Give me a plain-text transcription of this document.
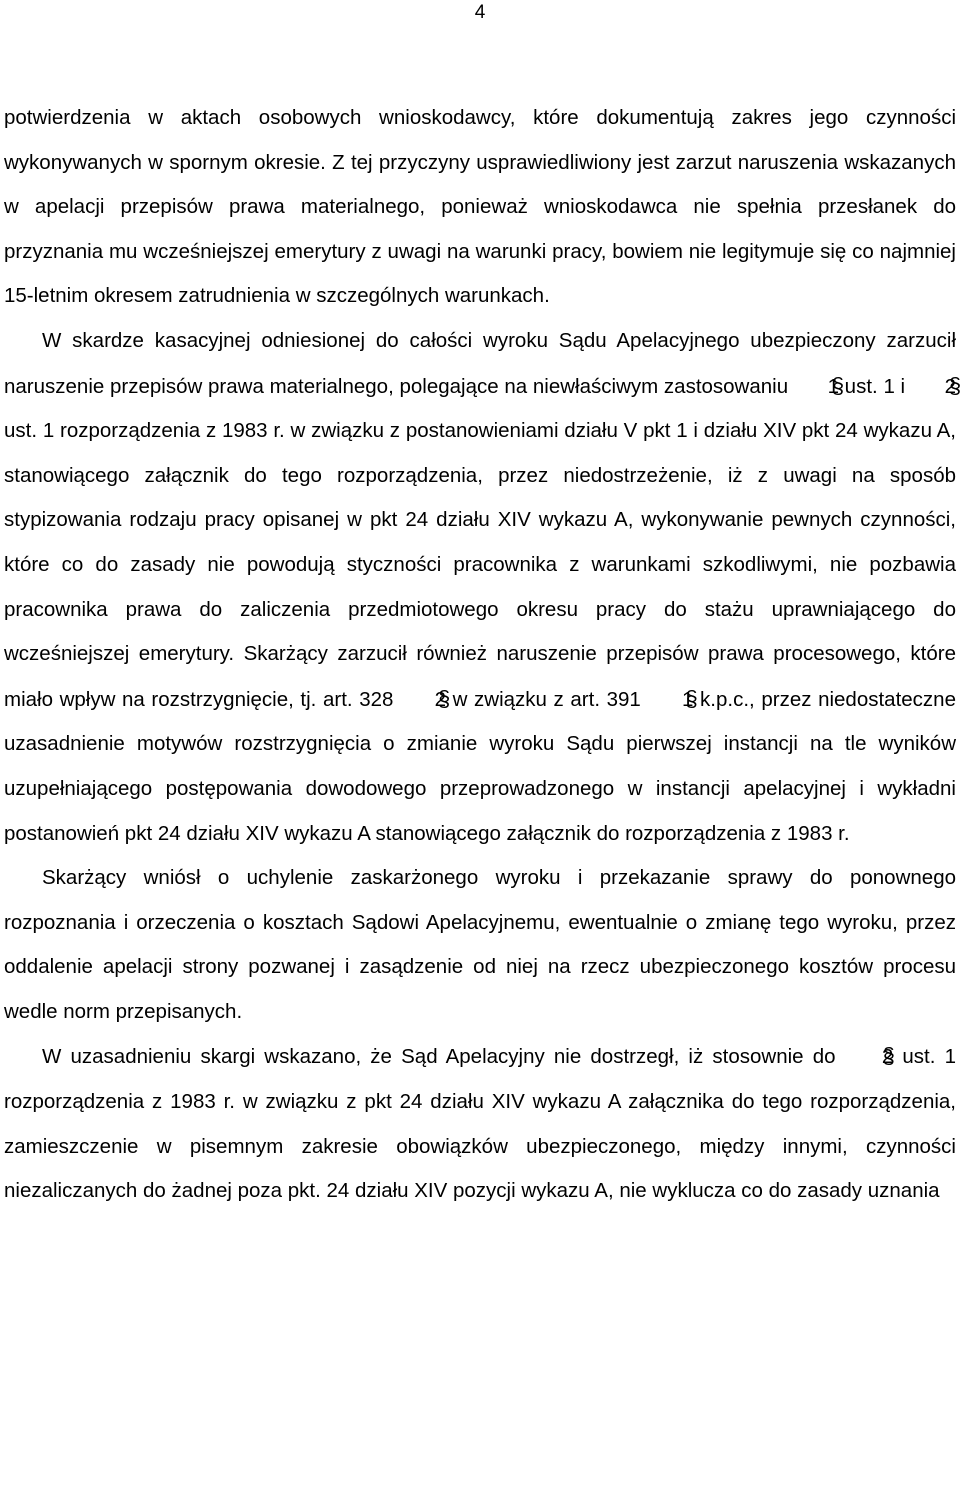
4

potwierdzenia w aktach osobowych wnioskodawcy, które dokumentują zakres jego czynności wykonywanych w spornym okresie. Z tej przyczyny usprawiedliwiony jest zarzut naruszenia wskazanych w apelacji przepisów prawa materialnego, ponieważ wnioskodawca nie spełnia przesłanek do przyznania mu wcześniejszej emerytury z uwagi na warunki pracy, bowiem nie legitymuje się co najmniej 15-letnim okresem zatrudnienia w szczególnych warunkach.

W skardze kasacyjnej odniesionej do całości wyroku Sądu Apelacyjnego ubezpieczony zarzucił naruszenie przepisów prawa materialnego, polegające na niewłaściwym zastosowaniu § 1 ust. 1 i § 2 ust. 1 rozporządzenia z 1983 r. w związku z postanowieniami działu V pkt 1 i działu XIV pkt 24 wykazu A, stanowiącego załącznik do tego rozporządzenia, przez niedostrzeżenie, iż z uwagi na sposób stypizowania rodzaju pracy opisanej w pkt 24 działu XIV wykazu A, wykonywanie pewnych czynności, które co do zasady nie powodują styczności pracownika z warunkami szkodliwymi, nie pozbawia pracownika prawa do zaliczenia przedmiotowego okresu pracy do stażu uprawniającego do wcześniejszej emerytury. Skarżący zarzucił również naruszenie przepisów prawa procesowego, które miało wpływ na rozstrzygnięcie, tj. art. 328 § 2 w związku z art. 391 § 1 k.p.c., przez niedostateczne uzasadnienie motywów rozstrzygnięcia o zmianie wyroku Sądu pierwszej instancji na tle wyników uzupełniającego postępowania dowodowego przeprowadzonego w instancji apelacyjnej i wykładni postanowień pkt 24 działu XIV wykazu A stanowiącego załącznik do rozporządzenia z 1983 r.

Skarżący wniósł o uchylenie zaskarżonego wyroku i przekazanie sprawy do ponownego rozpoznania i orzeczenia o kosztach Sądowi Apelacyjnemu, ewentualnie o zmianę tego wyroku, przez oddalenie apelacji strony pozwanej i zasądzenie od niej na rzecz ubezpieczonego kosztów procesu wedle norm przepisanych.

W uzasadnieniu skargi wskazano, że Sąd Apelacyjny nie dostrzegł, iż stosownie do § 2 ust. 1 rozporządzenia z 1983 r. w związku z pkt 24 działu XIV wykazu A załącznika do tego rozporządzenia, zamieszczenie w pisemnym zakresie obowiązków ubezpieczonego, między innymi, czynności niezaliczanych do żadnej poza pkt. 24 działu XIV pozycji wykazu A, nie wyklucza co do zasady uznania
